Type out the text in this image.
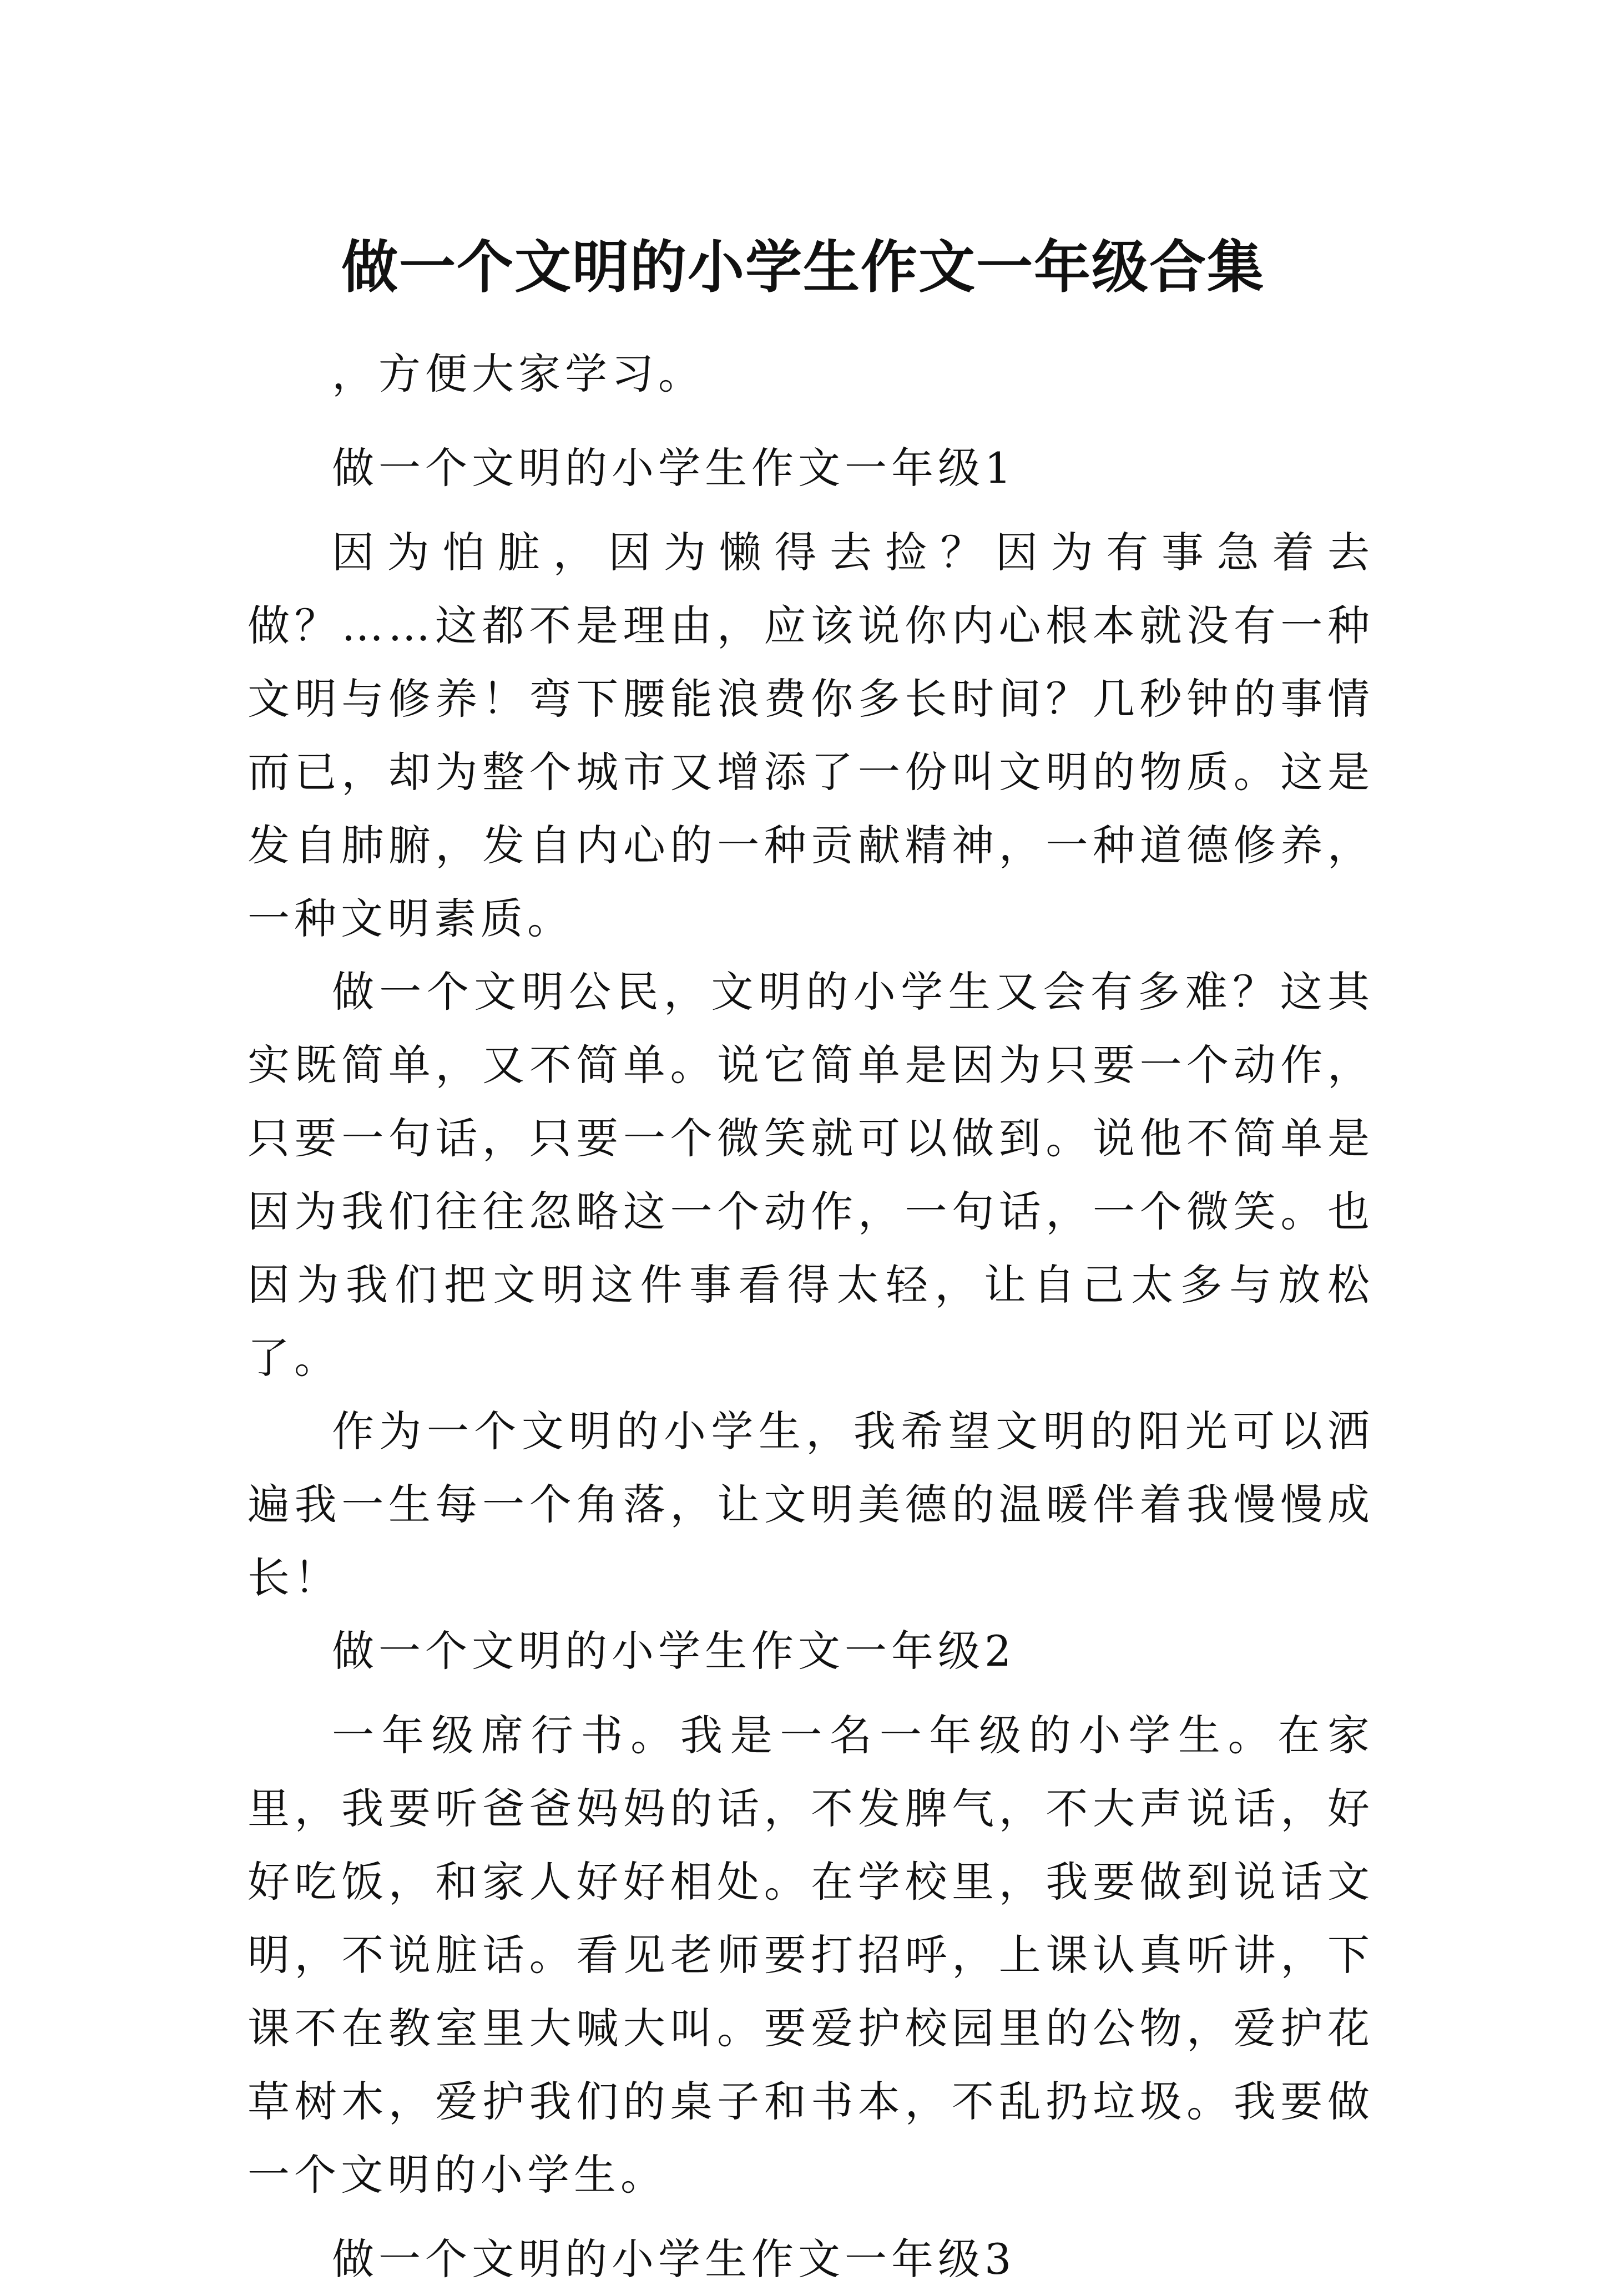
做一个文明的小学生作文一年级合集

，方便大家学习。

做一个文明的小学生作文一年级1

因为怕脏，因为懒得去捡？因为有事急着去做？……这都不是理由，应该说你内心根本就没有一种文明与修养！弯下腰能浪费你多长时间？几秒钟的事情而已，却为整个城市又增添了一份叫文明的物质。这是发自肺腑，发自内心的一种贡献精神，一种道德修养，一种文明素质。

做一个文明公民，文明的小学生又会有多难？这其实既简单，又不简单。说它简单是因为只要一个动作，只要一句话，只要一个微笑就可以做到。说他不简单是因为我们往往忽略这一个动作，一句话，一个微笑。也因为我们把文明这件事看得太轻，让自己太多与放松了。

作为一个文明的小学生，我希望文明的阳光可以洒遍我一生每一个角落，让文明美德的温暖伴着我慢慢成长！

做一个文明的小学生作文一年级2

一年级席行书。我是一名一年级的小学生。在家里，我要听爸爸妈妈的话，不发脾气，不大声说话，好好吃饭，和家人好好相处。在学校里，我要做到说话文明，不说脏话。看见老师要打招呼，上课认真听讲，下课不在教室里大喊大叫。要爱护校园里的公物，爱护花草树木，爱护我们的桌子和书本，不乱扔垃圾。我要做一个文明的小学生。

做一个文明的小学生作文一年级3
